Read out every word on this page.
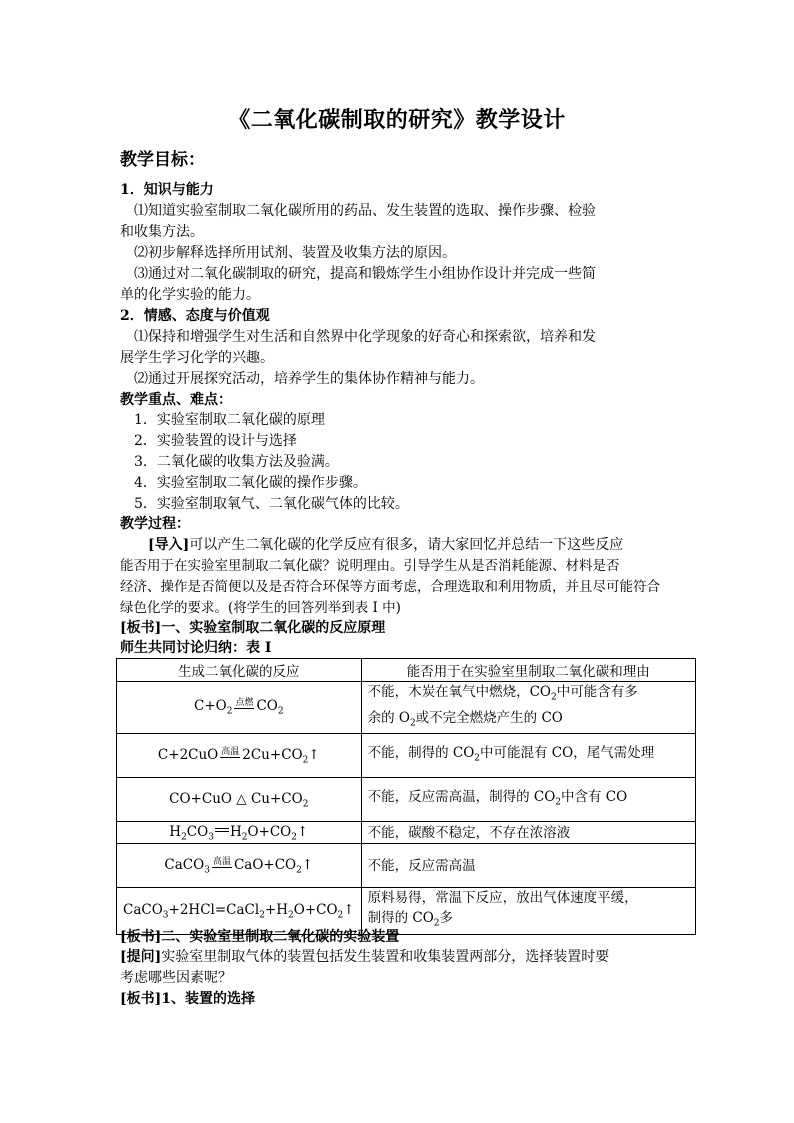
《二氧化碳制取的研究》教学设计
教学目标：
1．知识与能力
⑴知道实验室制取二氧化碳所用的药品、发生装置的选取、操作步骤、检验
和收集方法。
⑵初步解释选择所用试剂、装置及收集方法的原因。
⑶通过对二氧化碳制取的研究，提高和锻炼学生小组协作设计并完成一些简
单的化学实验的能力。
2．情感、态度与价值观
⑴保持和增强学生对生活和自然界中化学现象的好奇心和探索欲，培养和发
展学生学习化学的兴趣。
⑵通过开展探究活动，培养学生的集体协作精神与能力。
教学重点、难点：
1．实验室制取二氧化碳的原理
2．实验装置的设计与选择
3．二氧化碳的收集方法及验满。
4．实验室制取二氧化碳的操作步骤。
5．实验室制取氧气、二氧化碳气体的比较。
教学过程：
[导入]可以产生二氧化碳的化学反应有很多，请大家回忆并总结一下这些反应
能否用于在实验室里制取二氧化碳？说明理由。引导学生从是否消耗能源、材料是否
经济、操作是否简便以及是否符合环保等方面考虑，合理选取和利用物质，并且尽可能符合
绿色化学的要求。(将学生的回答列举到表 I 中)
[板书]一、实验室制取二氧化碳的反应原理
师生共同讨论归纳：表 I
生成二氧化碳的反应	能否用于在实验室里制取二氧化碳和理由
$C+O_2$点燃 $CO_2$	不能，木炭在氧气中燃烧，$CO_2$中可能含有多
余的 $O_2$或不完全燃烧产生的 CO
C+2CuO 高温 $2Cu+CO_2↑$	不能，制得的 $CO_2$中可能混有 CO，尾气需处理
CO+CuO △ $Cu+CO_2$	不能，反应需高温，制得的 $CO_2$中含有 CO
$H_2CO_3$ $H_2O+CO_2↑$	不能，碳酸不稳定，不存在浓溶液
CaCO$_3$高温 $CaO+CO_2↑$	不能，反应需高温
$CaCO_3+2HCl=CaCl_2+H_2O+CO_2↑$	原料易得，常温下反应，放出气体速度平缓，
制得的 $CO_2$多
[板书]二、实验室里制取二氧化碳的实验装置
[提问]实验室里制取气体的装置包括发生装置和收集装置两部分，选择装置时要
考虑哪些因素呢？
[板书]1、装置的选择
